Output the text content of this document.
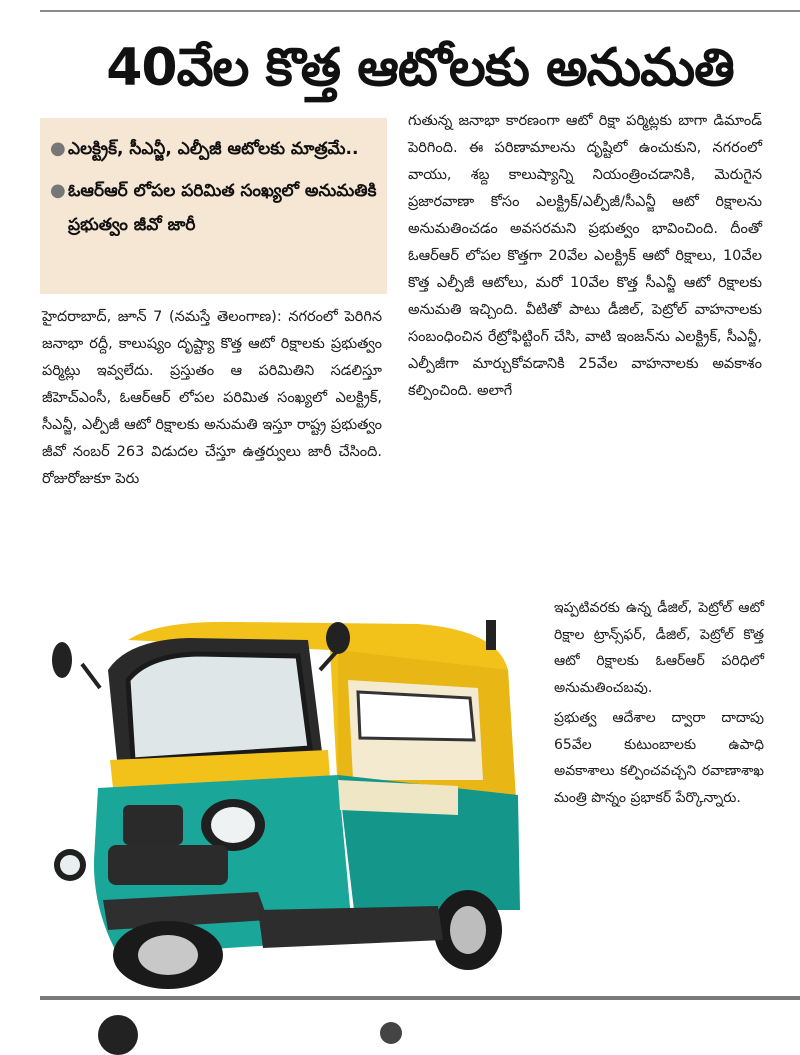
40వేల కొత్త ఆటోలకు అనుమతి
● ఎలక్ట్రిక్, సీఎన్జీ, ఎల్పీజీ ఆటోలకు మాత్రమే..
● ఓఆర్ఆర్ లోపల పరిమిత సంఖ్యలో అనుమతికి ప్రభుత్వం జీవో జారీ

హైదరాబాద్, జూన్ 7 (నమస్తే తెలంగాణ): నగరంలో పెరిగిన జనాభా రద్దీ, కాలుష్యం దృష్ట్యా కొత్త ఆటో రిక్షాలకు ప్రభుత్వం పర్మిట్లు ఇవ్వలేదు. ప్రస్తుతం ఆ పరిమితిని సడలిస్తూ జీహెచ్ఎంసీ, ఓఆర్ఆర్ లోపల పరిమిత సంఖ్యలో ఎలక్ట్రిక్, సీఎన్జీ, ఎల్పీజీ ఆటో రిక్షాలకు అనుమతి ఇస్తూ రాష్ట్ర ప్రభుత్వం జీవో నంబర్ 263 విడుదల చేస్తూ ఉత్తర్వులు జారీ చేసింది. రోజురోజుకూ పెరు

గుతున్న జనాభా కారణంగా ఆటో రిక్షా పర్మిట్లకు బాగా డిమాండ్ పెరిగింది. ఈ పరిణామాలను దృష్టిలో ఉంచుకుని, నగరంలో వాయు, శబ్ద కాలుష్యాన్ని నియంత్రించడానికి, మెరుగైన ప్రజారవాణా కోసం ఎలక్ట్రిక్/ఎల్పీజీ/సీఎన్జీ ఆటో రిక్షాలను అనుమతించడం అవసరమని ప్రభుత్వం భావించింది. దీంతో ఓఆర్ఆర్ లోపల కొత్తగా 20వేల ఎలక్ట్రిక్ ఆటో రిక్షాలు, 10వేల కొత్త ఎల్పీజీ ఆటోలు, మరో 10వేల కొత్త సీఎన్జీ ఆటో రిక్షాలకు అనుమతి ఇచ్చింది. వీటితో పాటు డీజిల్, పెట్రోల్ వాహనాలకు సంబంధించిన రేట్రోఫిట్టింగ్ చేసి, వాటి ఇంజన్‌ను ఎలక్ట్రిక్, సీఎన్జీ, ఎల్పీజీగా మార్చుకోవడానికి 25వేల వాహనాలకు అవకాశం కల్పించింది. అలాగే

ఇప్పటివరకు ఉన్న డీజిల్, పెట్రోల్ ఆటో రిక్షాల ట్రాన్స్‌ఫర్, డీజిల్, పెట్రోల్ కొత్త ఆటో రిక్షాలకు ఓఆర్ఆర్ పరిధిలో అనుమతించబవు.

ప్రభుత్వ ఆదేశాల ద్వారా దాదాపు 65వేల కుటుంబాలకు ఉపాధి అవకాశాలు కల్పించవచ్చని రవాణాశాఖ మంత్రి పొన్నం ప్రభాకర్ పేర్కొన్నారు.
